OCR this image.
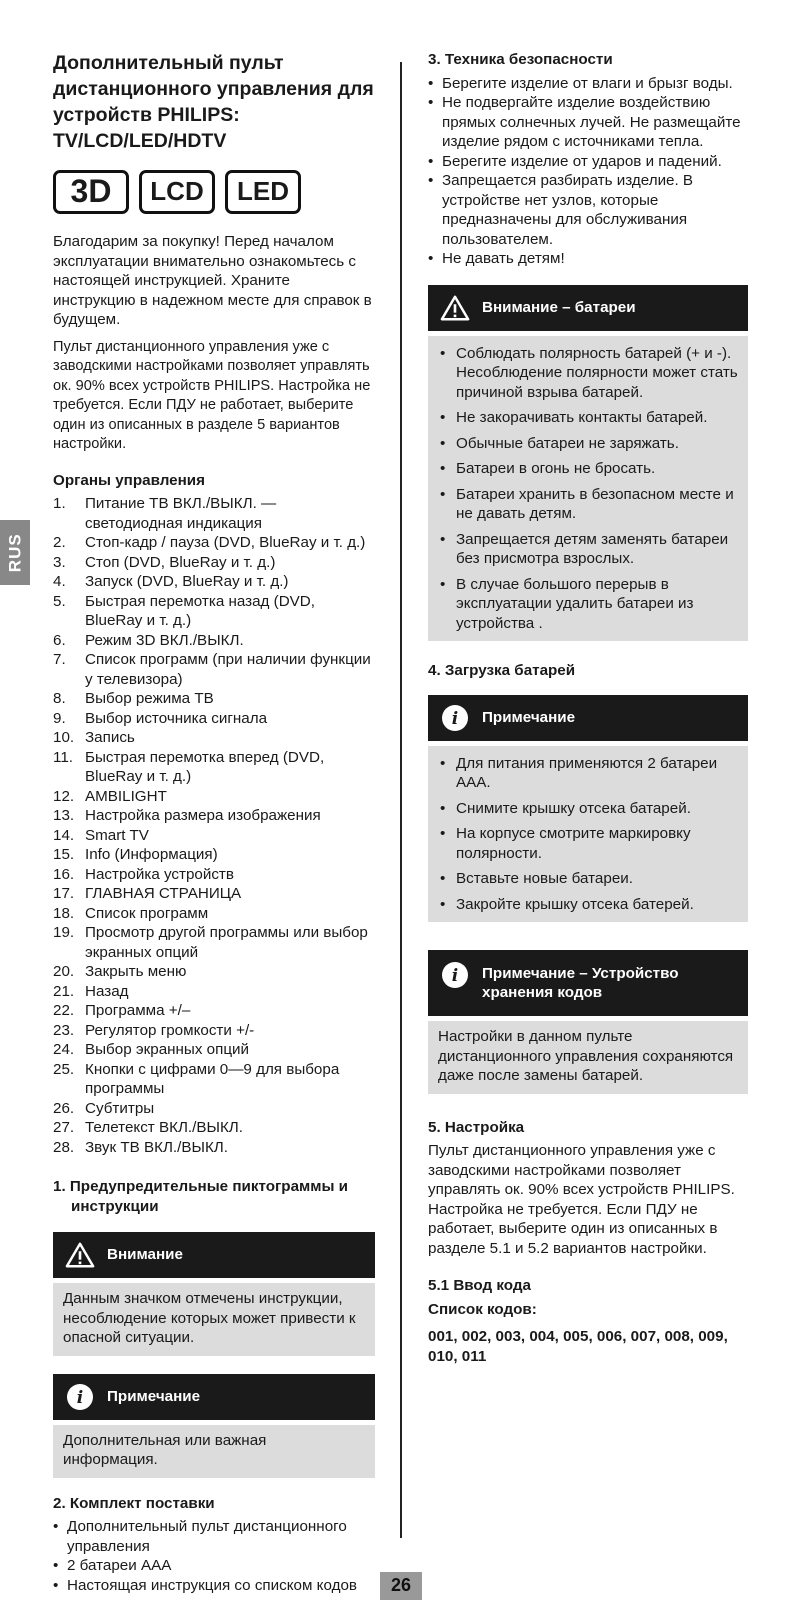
RUS
26
Дополнительный пульт дистанционного управления для устройств PHILIPS: TV/LCD/LED/HDTV
3D	LCD	LED

Благодарим за покупку! Перед началом эксплуатации внимательно ознакомьтесь с настоящей инструкцией. Храните инструкцию в надежном месте для справок в будущем.

Пульт дистанционного управления уже с заводскими настройками позволяет управлять ок. 90% всех устройств PHILIPS. Настройка не требуется. Если ПДУ не работает, выберите один из описанных в разделе 5 вариантов настройки.

Органы управления
1.	Питание ТВ ВКЛ./ВЫКЛ. — светодиодная индикация
2.	Стоп-кадр / пауза (DVD, BlueRay и т. д.)
3.	Стоп (DVD, BlueRay и т. д.)
4.	Запуск (DVD, BlueRay и т. д.)
5.	Быстрая перемотка назад (DVD, BlueRay и т. д.)
6.	Режим 3D ВКЛ./ВЫКЛ.
7.	Список программ (при наличии функции у телевизора)
8.	Выбор режима ТВ
9.	Выбор источника сигнала
10. Запись
11. Быстрая перемотка вперед (DVD, BlueRay и т. д.)
12. AMBILIGHT
13. Настройка размера изображения
14. Smart TV
15. Info (Информация)
16. Настройка устройств
17. ГЛАВНАЯ СТРАНИЦА
18. Список программ
19. Просмотр другой программы или выбор экранных опций
20. Закрыть меню
21. Назад
22. Программа +/–
23. Регулятор громкости +/-
24. Выбор экранных опций
25. Кнопки с цифрами 0—9 для выбора программы
26. Субтитры
27. Телетекст ВКЛ./ВЫКЛ.
28. Звук ТВ ВКЛ./ВЫКЛ.
1. Предупредительные пиктограммы и инструкции
Внимание
Данным значком отмечены инструкции, несоблюдение которых может привести к опасной ситуации.
i Примечание
Дополнительная или важная информация.
2. Комплект поставки
• Дополнительный пульт дистанционного управления
• 2 батареи AAA
• Настоящая инструкция со списком кодов
3. Техника безопасности
• Берегите изделие от влаги и брызг воды.
• Не подвергайте изделие воздействию прямых солнечных лучей. Не размещайте изделие рядом с источниками тепла.
• Берегите изделие от ударов и падений.
• Запрещается разбирать изделие. В устройстве нет узлов, которые предназначены для обслуживания пользователем.
• Не давать детям!
Внимание – батареи
• Соблюдать полярность батарей (+ и -). Несоблюдение полярности может стать причиной взрыва батарей.
• Не закорачивать контакты батарей.
• Обычные батареи не заряжать.
• Батареи в огонь не бросать.
• Батареи хранить в безопасном месте и не давать детям.
• Запрещается детям заменять батареи без присмотра взрослых.
• В случае большого перерыв в эксплуатации удалить батареи из устройства .
4. Загрузка батарей
i Примечание
• Для питания применяются 2 батареи AAA.
• Снимите крышку отсека батарей.
• На корпусе смотрите маркировку полярности.
• Вставьте новые батареи.
• Закройте крышку отсека батерей.
i Примечание – Устройство хранения кодов
Настройки в данном пульте дистанционного управления сохраняются даже после замены батарей.
5. Настройка

Пульт дистанционного управления уже с заводскими настройками позволяет управлять ок. 90% всех устройств PHILIPS. Настройка не требуется. Если ПДУ не работает, выберите один из описанных в разделе 5.1 и 5.2 вариантов настройки.

5.1 Ввод кода
Список кодов:
001, 002, 003, 004, 005, 006, 007, 008, 009, 010, 011
